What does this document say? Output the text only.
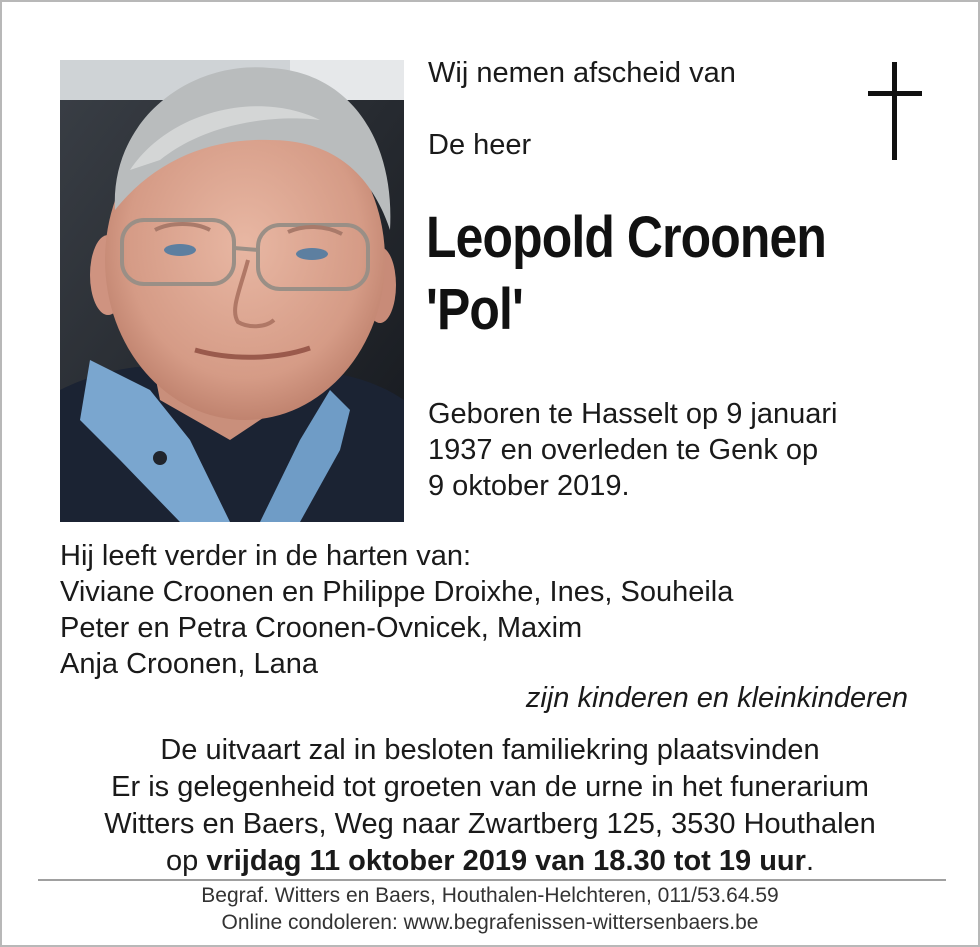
Wij nemen afscheid van
De heer
Leopold Croonen
'Pol'
Geboren te Hasselt op 9 januari
1937 en overleden te Genk op
9 oktober 2019.
Hij leeft verder in de harten van:
Viviane Croonen en Philippe Droixhe, Ines, Souheila
Peter en Petra Croonen-Ovnicek, Maxim
Anja Croonen, Lana
zijn kinderen en kleinkinderen
De uitvaart zal in besloten familiekring plaatsvinden
Er is gelegenheid tot groeten van de urne in het funerarium
Witters en Baers, Weg naar Zwartberg 125, 3530 Houthalen
op vrijdag 11 oktober 2019 van 18.30 tot 19 uur.
Begraf. Witters en Baers, Houthalen-Helchteren, 011/53.64.59
Online condoleren: www.begrafenissen-wittersenbaers.be
